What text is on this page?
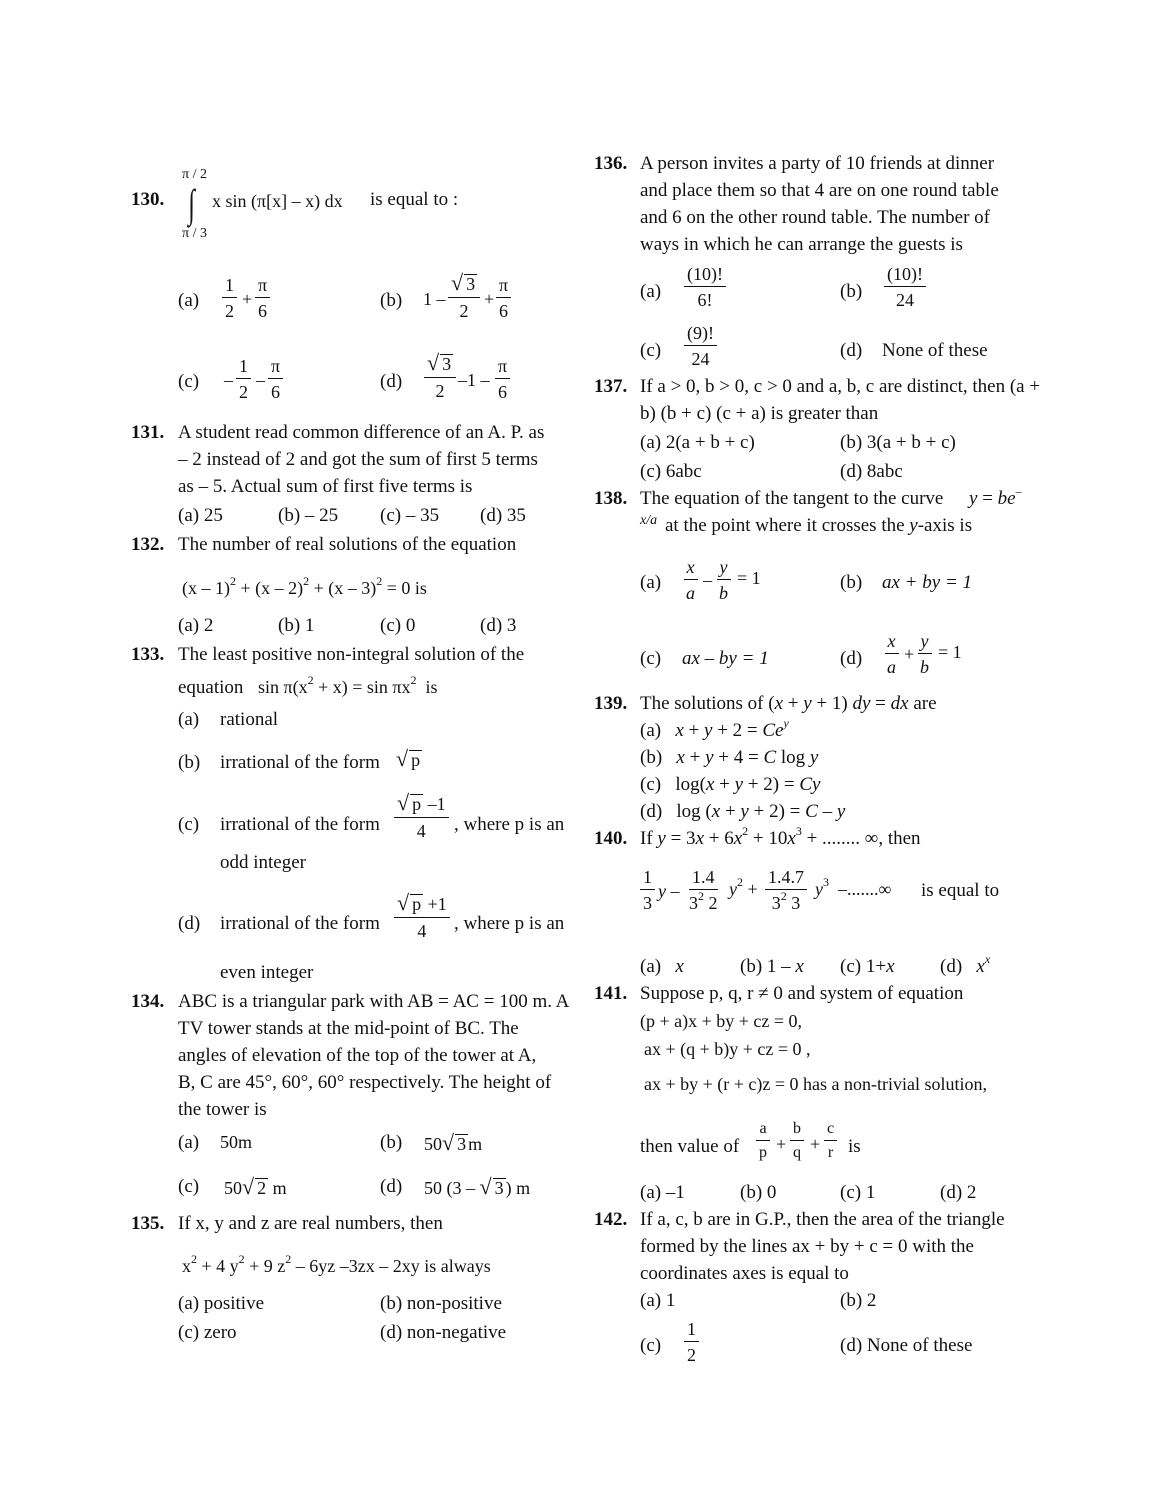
130.
π / 2
∫
π / 3
x sin (π[x] – x) dx is equal to :
$(a) \frac{1}{2} + \frac{\pi}{6}$	(b) $1 - \frac{√ 3}{2} + \frac{\pi}{6}$
$(c) - \frac{1}{2} - \frac{\pi}{6}$	$(d) \frac{√ 3}{2} -1 - \frac{\pi}{6}$
131. A student read common difference of an A. P. as
– 2 instead of 2 and got the sum of first 5 terms
as – 5. Actual sum of first five terms is
(a) 25	(b) – 25 (c) – 35 (d) 35
132. The number of real solutions of the equation
(x – 1)$^2$ + (x – 2)$^2$ + (x – 3)$^2$ = 0 is
(a) 2	(b) 1	(c) 0	(d) 3
133. The least positive non-integral solution of the
equation $\sin \pi(x^2 + x) = \sin \pi x^2$  is
(a) rational
(b) irrational of the form √ p
(c) irrational of the form $\frac{√ p -1}{4}$ , where p is an
odd integer
(d) irrational of the form $\frac{√ p +1}{4}$ , where p is an
even integer
134. ABC is a triangular park with AB = AC = 100 m. A
TV tower stands at the mid-point of BC. The
angles of elevation of the top of the tower at A,
B, C are 45°, 60°, 60° respectively. The height of
the tower is
(a) 50m	(b) 50√ 3 m
(c) 50√ 2 m	(d) 50 (3 – √ 3 ) m
135. If x, y and z are real numbers, then
$x^2 + 4$ $y^2 + 9$ $z^2 - 6yz$ –3zx – 2xy is always
(a) positive	(b) non-positive
(c) zero	(d) non-negative
136. A person invites a party of 10 friends at dinner
and place them so that 4 are on one round table
and 6 on the other round table. The number of
ways in which he can arrange the guests is
$(a) \frac{(10)!}{6!}$	$(b) \frac{(10)!}{24}$
$(c) \frac{(9)!}{24}$	(d) None of these
137. If a > 0, b > 0, c > 0 and a, b, c are distinct, then (a +
b) (b + c) (c + a) is greater than
(a) 2(a + b + c)	(b) 3(a + b + c)
(c) 6abc	(d) 8abc
138. The equation of the tangent to the curve y = be–
x/a at the point where it crosses the y-axis is
$(a) \frac{x}{a} - \frac{y}{b} = 1$	(b) ax + by = 1
(c) ax – by = 1	$(d) \frac{x}{a} + \frac{y}{b} = 1$
139. The solutions of (x + y + 1) dy = dx are
(a) $x + y + 2 = Ce^y$
(b) x + y + 4 = C log y
(c)   log(x + y + 2) = Cy
(d)   log (x + y + 2) = C – y
140. If $y = 3x + 6x^2 + 10x^3$ + ........ ∞, then
$\frac{1}{3}$ $y - \frac{1.4}{3^2 2} y^2 + \frac{1.4.7}{3^2 3} y^3$  –.......∞ is equal to
(a) x	(b) 1 – x (c) 1+x (d) $x^x$
141. Suppose p, q, r ≠ 0 and system of equation
(p + a)x + by + cz = 0,
ax + (q + b)y + cz = 0 ,
ax + by + (r + c)z = 0 has a non-trivial solution,
then value of $\frac{a}{p} + \frac{b}{q} + \frac{c}{r}$ is
(a) –1	(b) 0	(c) 1	(d) 2
142. If a, c, b are in G.P., then the area of the triangle
formed by the lines ax + by + c = 0 with the
coordinates axes is equal to
(a) 1	(b) 2
$(c) \frac{1}{2}$	(d) None of these
